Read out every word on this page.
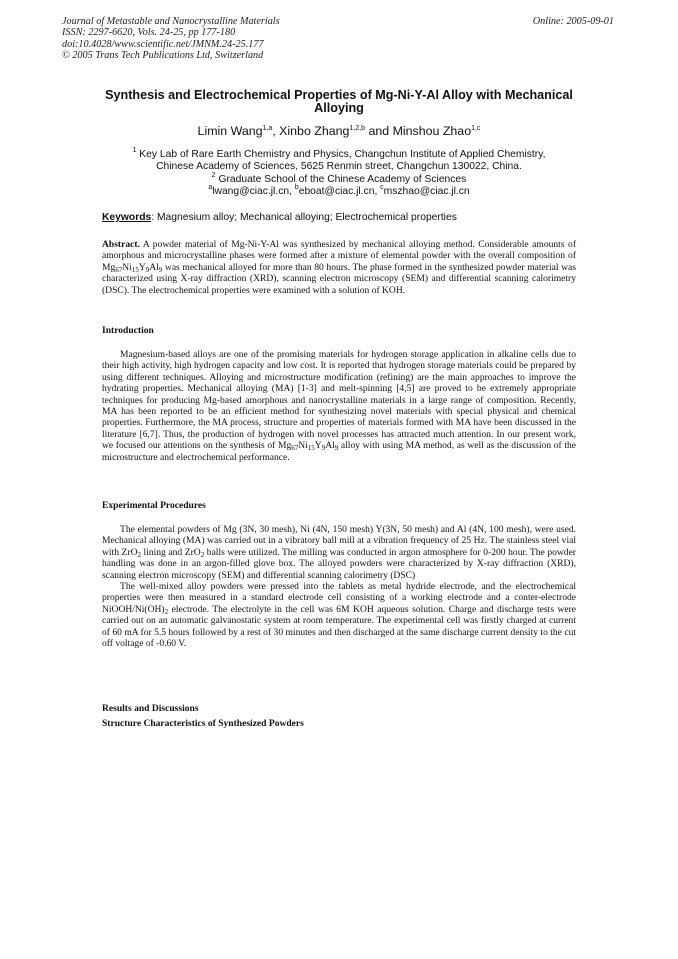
Journal of Metastable and Nanocrystalline Materials
ISSN: 2297-6620, Vols. 24-25, pp 177-180
doi:10.4028/www.scientific.net/JMNM.24-25.177
© 2005 Trans Tech Publications Ltd, Switzerland
Online: 2005-09-01
Synthesis and Electrochemical Properties of Mg-Ni-Y-Al Alloy with Mechanical Alloying
Limin Wang$^{1,a}$, Xinbo Zhang$^{1,2,b}$ and Minshou Zhao$^{1,c}$
$^1$ Key Lab of Rare Earth Chemistry and Physics, Changchun Institute of Applied Chemistry,
Chinese Academy of Sciences, 5625 Renmin street, Changchun 130022, China.
$^2$ Graduate School of the Chinese Academy of Sciences
$^a$lwang@ciac.jl.cn, $^b$eboat@ciac.jl.cn, $^c$mszhao@ciac.jl.cn
Keywords: Magnesium alloy; Mechanical alloying; Electrochemical properties

Abstract. A powder material of Mg-Ni-Y-Al was synthesized by mechanical alloying method. Considerable amounts of amorphous and microcrystalline phases were formed after a mixture of elemental powder with the overall composition of $Mg_{67}Ni_{15}Y_9Al_9$ was mechanical alloyed for more than 80 hours. The phase formed in the synthesized powder material was characterized using X-ray diffraction (XRD), scanning electron microscopy (SEM) and differential scanning calorimetry (DSC). The electrochemical properties were examined with a solution of KOH.

Introduction

Magnesium-based alloys are one of the promising materials for hydrogen storage application in alkaline cells due to their high activity, high hydrogen capacity and low cost. It is reported that hydrogen storage materials could be prepared by using different techniques. Alloying and microstructure modification (refining) are the main approaches to improve the hydrating properties. Mechanical alloying (MA) [1-3] and melt-spinning [4,5] are proved to be extremely appropriate techniques for producing Mg-based amorphous and nanocrystalline materials in a large range of composition. Recently, MA has been reported to be an efficient method for synthesizing novel materials with special physical and chemical properties. Furthermore, the MA process, structure and properties of materials formed with MA have been discussed in the literature [6,7]. Thus, the production of hydrogen with novel processes has attracted much attention. In our present work, we focused our attentions on the synthesis of $Mg_{67}Ni_{15}Y_9Al_9$ alloy with using MA method, as well as the discussion of the microstructure and electrochemical performance.

Experimental Procedures

The elemental powders of Mg (3N, 30 mesh), Ni (4N, 150 mesh) Y(3N, 50 mesh) and Al (4N, 100 mesh), were used. Mechanical alloying (MA) was carried out in a vibratory ball mill at a vibration frequency of 25 Hz. The stainless steel vial with ZrO$_2$ lining and ZrO$_2$ balls were utilized. The milling was conducted in argon atmosphere for 0-200 hour. The powder handling was done in an argon-filled glove box. The alloyed powders were characterized by X-ray diffraction (XRD), scanning electron microscopy (SEM) and differential scanning calorimetry (DSC)

The well-mixed alloy powders were pressed into the tablets as metal hydride electrode, and the electrochemical properties were then measured in a standard electrode cell consisting of a working electrode and a conter-electrode NiOOH/$Ni(OH)_2$ electrode. The electrolyte in the cell was 6M KOH aqueous solution. Charge and discharge tests were carried out on an automatic galvanostatic system at room temperature. The experimental cell was firstly charged at current of 60 mA for 5.5 hours followed by a rest of 30 minutes and then discharged at the same discharge current density to the cut off voltage of -0.60 V.

Results and Discussions

Structure Characteristics of Synthesized Powders
